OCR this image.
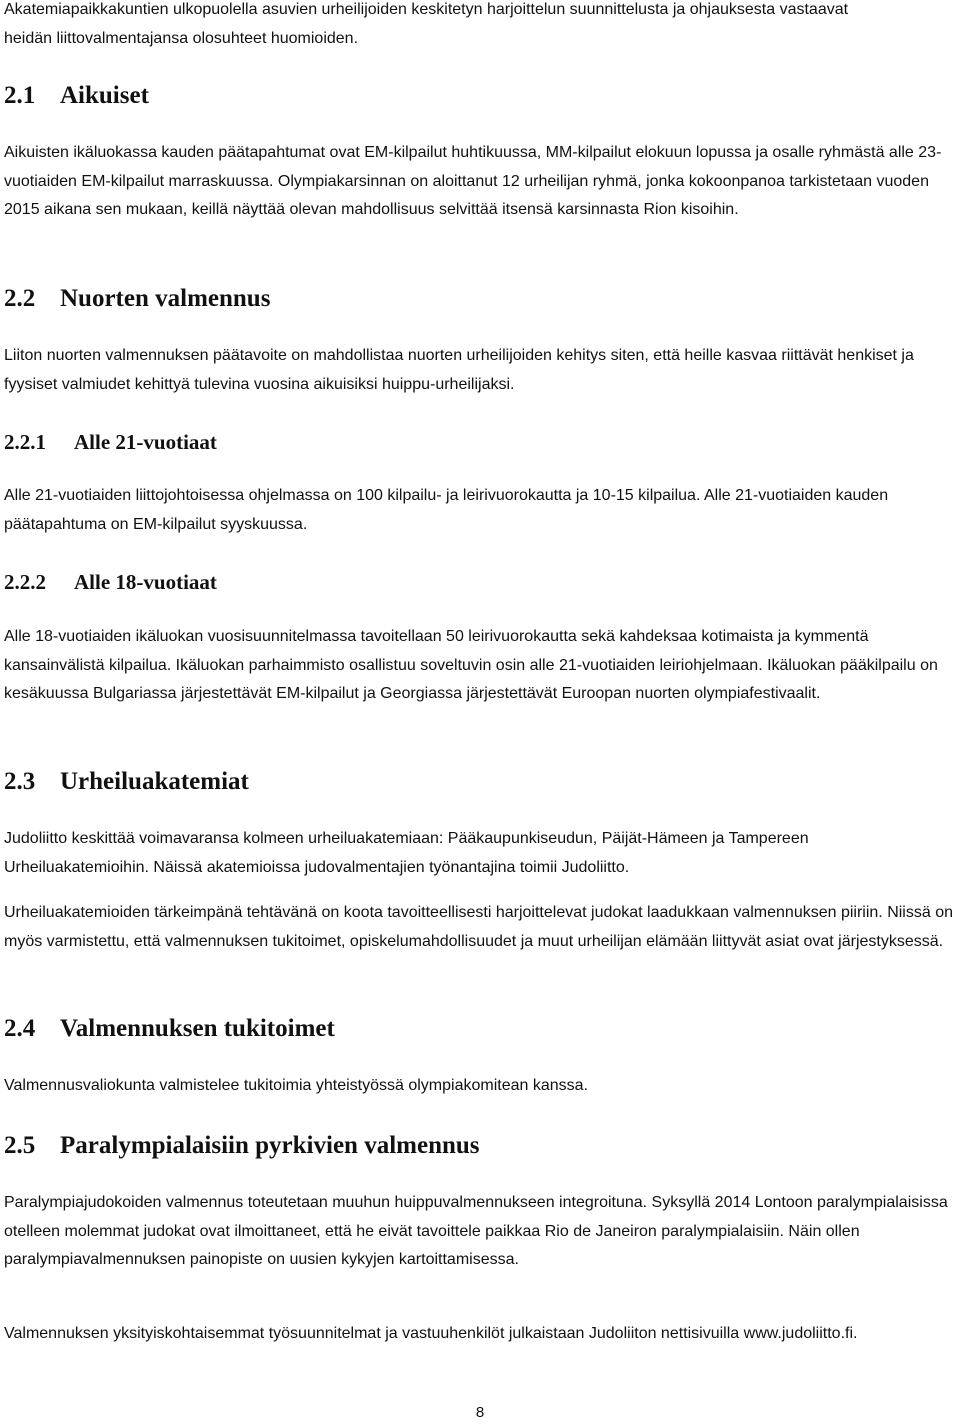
Akatemiapaikkakuntien ulkopuolella asuvien urheilijoiden keskitetyn harjoittelun suunnittelusta ja ohjauksesta vastaavat heidän liittovalmentajansa olosuhteet huomioiden.

2.1 Aikuiset

Aikuisten ikäluokassa kauden päätapahtumat ovat EM-kilpailut huhtikuussa, MM-kilpailut elokuun lopussa ja osalle ryhmästä alle 23-vuotiaiden EM-kilpailut marraskuussa. Olympiakarsinnan on aloittanut 12 urheilijan ryhmä, jonka kokoonpanoa tarkistetaan vuoden 2015 aikana sen mukaan, keillä näyttää olevan mahdollisuus selvittää itsensä karsinnasta Rion kisoihin.

2.2 Nuorten valmennus

Liiton nuorten valmennuksen päätavoite on mahdollistaa nuorten urheilijoiden kehitys siten, että heille kasvaa riittävät henkiset ja fyysiset valmiudet kehittyä tulevina vuosina aikuisiksi huippu-urheilijaksi.

2.2.1 Alle 21-vuotiaat

Alle 21-vuotiaiden liittojohtoisessa ohjelmassa on 100 kilpailu- ja leirivuorokautta ja 10-15 kilpailua. Alle 21-vuotiaiden kauden päätapahtuma on EM-kilpailut syyskuussa.

2.2.2 Alle 18-vuotiaat

Alle 18-vuotiaiden ikäluokan vuosisuunnitelmassa tavoitellaan 50 leirivuorokautta sekä kahdeksaa kotimaista ja kymmentä kansainvälistä kilpailua. Ikäluokan parhaimmisto osallistuu soveltuvin osin alle 21-vuotiaiden leiriohjelmaan. Ikäluokan pääkilpailu on kesäkuussa Bulgariassa järjestettävät EM-kilpailut ja Georgiassa järjestettävät Euroopan nuorten olympiafestivaalit.

2.3 Urheiluakatemiat

Judoliitto keskittää voimavaransa kolmeen urheiluakatemiaan: Pääkaupunkiseudun, Päijät-Hämeen ja Tampereen Urheiluakatemioihin. Näissä akatemioissa judovalmentajien työnantajina toimii Judoliitto.

Urheiluakatemioiden tärkeimpänä tehtävänä on koota tavoitteellisesti harjoittelevat judokat laadukkaan valmennuksen piiriin. Niissä on myös varmistettu, että valmennuksen tukitoimet, opiskelumahdollisuudet ja muut urheilijan elämään liittyvät asiat ovat järjestyksessä.

2.4 Valmennuksen tukitoimet

Valmennusvaliokunta valmistelee tukitoimia yhteistyössä olympiakomitean kanssa.

2.5 Paralympialaisiin pyrkivien valmennus

Paralympiajudokoiden valmennus toteutetaan muuhun huippuvalmennukseen integroituna. Syksyllä 2014 Lontoon paralympialaisissa otelleen molemmat judokat ovat ilmoittaneet, että he eivät tavoittele paikkaa Rio de Janeiron paralympialaisiin. Näin ollen paralympiavalmennuksen painopiste on uusien kykyjen kartoittamisessa.

Valmennuksen yksityiskohtaisemmat työsuunnitelmat ja vastuuhenkilöt julkaistaan Judoliiton nettisivuilla www.judoliitto.fi.

8
